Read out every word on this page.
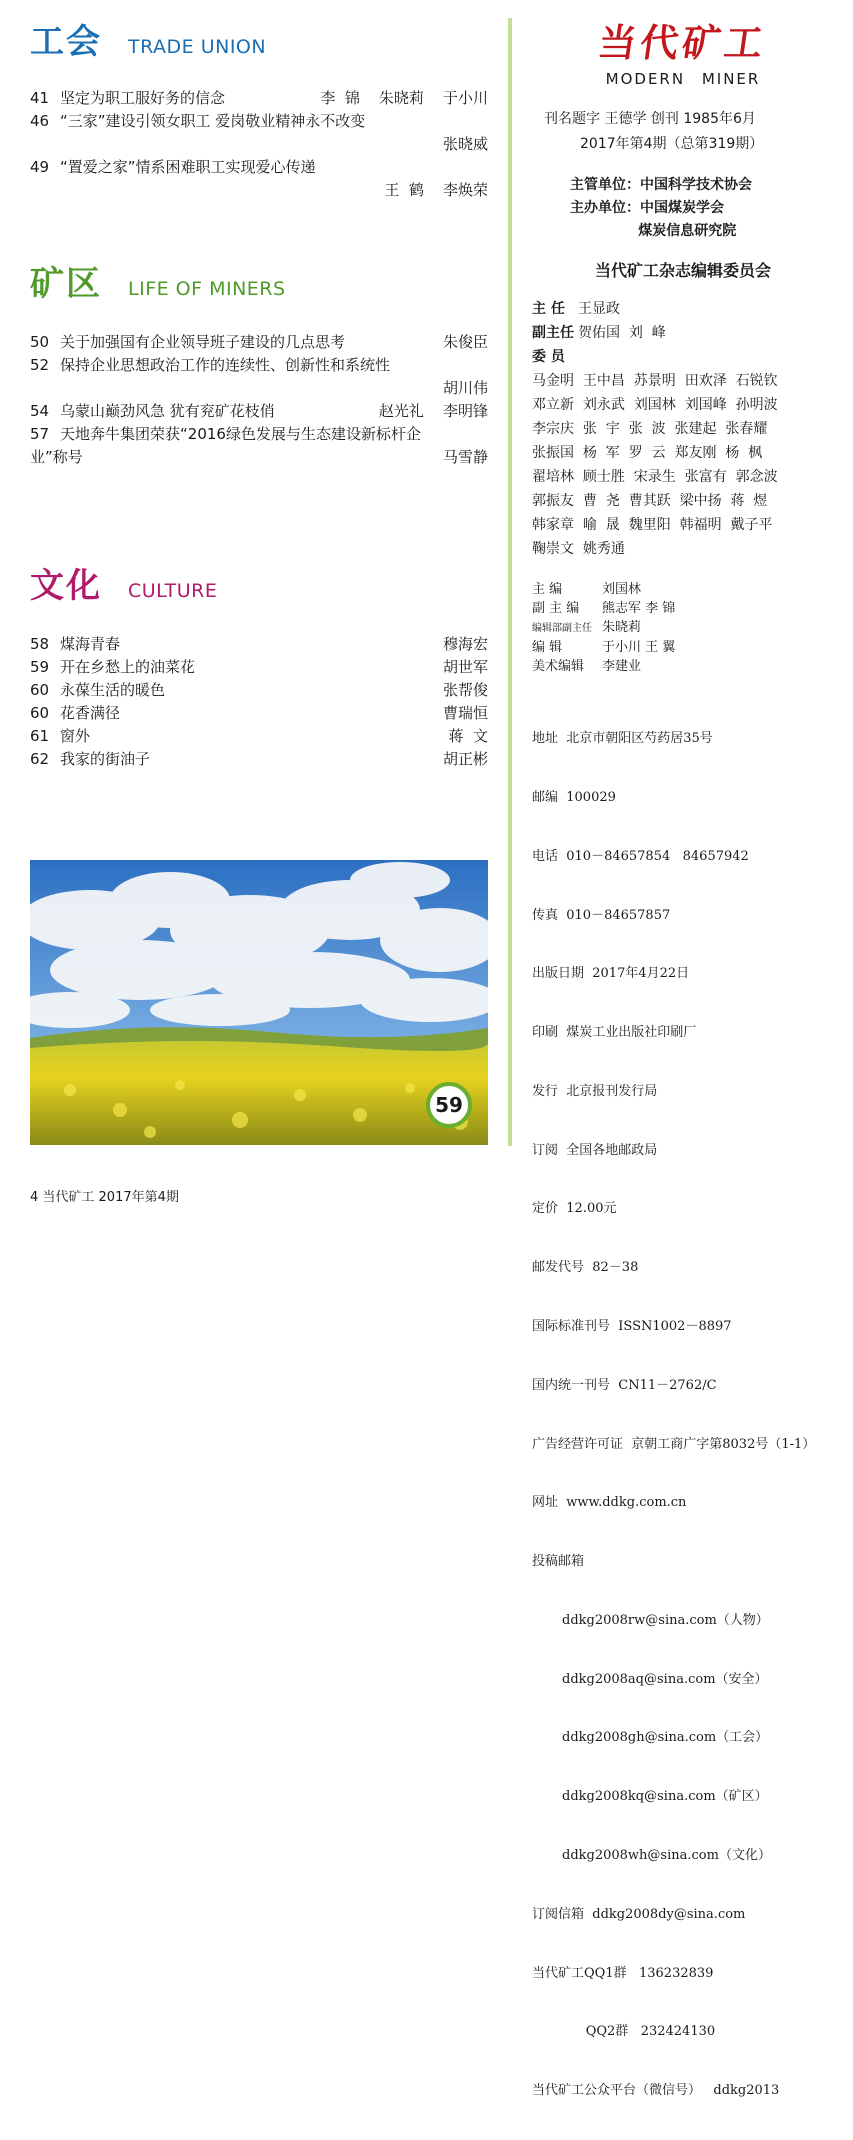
工会 TRADE UNION
41 坚定为职工服好务的信念	李  锦    朱晓莉    于小川
46 “三家”建设引领女职工 爱岗敬业精神永不改变
张晓威
49 “置爱之家”情系困难职工实现爱心传递
王  鹤    李焕荣
矿区 LIFE OF MINERS
50 关于加强国有企业领导班子建设的几点思考	朱俊臣
52 保持企业思想政治工作的连续性、创新性和系统性
胡川伟
54 乌蒙山巅劲风急 犹有兖矿花枝俏	赵光礼    李明锋
57 天地奔牛集团荣获“2016绿色发展与生态建设新标杆企
业”称号	马雪静
文化 CULTURE
58 煤海青春	穆海宏
59 开在乡愁上的油菜花	胡世军
60 永葆生活的暖色	张帮俊
60 花香满径	曹瑞恒
61 窗外	蒋  文
62 我家的街油子	胡正彬
59
4 当代矿工 2017年第4期
当代矿工
MODERN MINER
刊名题字 王德学 创刊 1985年6月
2017年第4期（总第319期）
主管单位：中国科学技术协会
主办单位：中国煤炭学会
煤炭信息研究院
当代矿工杂志编辑委员会
主 任 王显政
副主任 贺佑国  刘  峰
委 员
马金明  王中昌  苏景明  田欢泽  石锐钦
邓立新  刘永武  刘国林  刘国峰  孙明波
李宗庆  张  宇  张  波  张建起  张春耀
张振国  杨  军  罗  云  郑友刚  杨  枫
翟培林  顾士胜  宋录生  张富有  郭念波
郭振友  曹  尧  曹其跃  梁中扬  蒋  煜
韩家章  喻  晟  魏里阳  韩福明  戴子平
鞠崇文  姚秀通
主 编	刘国林
副 主 编 熊志军 李 锦
编辑部副主任 朱晓莉
编 辑	于小川 王 翼
美术编辑 李建业

地址  北京市朝阳区芍药居35号

邮编  100029

电话  010－84657854   84657942

传真  010－84657857

出版日期  2017年4月22日

印刷  煤炭工业出版社印刷厂

发行  北京报刊发行局

订阅  全国各地邮政局

定价  12.00元

邮发代号  82－38

国际标准刊号  ISSN1002－8897

国内统一刊号  CN11－2762/C

广告经营许可证  京朝工商广字第8032号（1-1）

网址  www.ddkg.com.cn

投稿邮箱

ddkg2008rw@sina.com（人物）

ddkg2008aq@sina.com（安全）

ddkg2008gh@sina.com（工会）

ddkg2008kq@sina.com（矿区）

ddkg2008wh@sina.com（文化）

订阅信箱  ddkg2008dy@sina.com

当代矿工QQ1群   136232839

QQ2群   232424130

当代矿工公众平台（微信号）   ddkg2013
